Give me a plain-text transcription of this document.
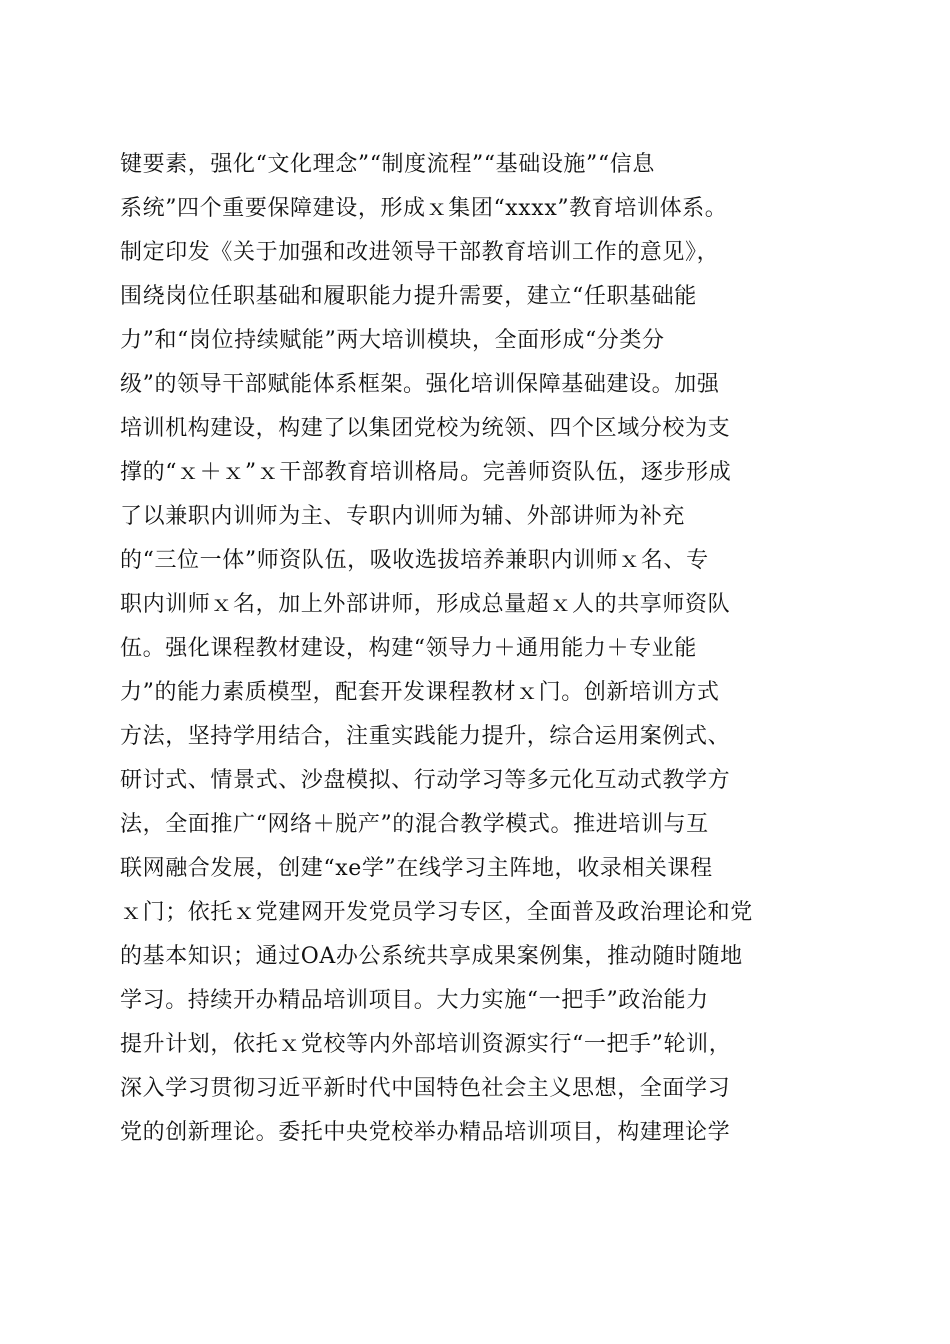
键要素，强化“文化理念”“制度流程”“基础设施”“信息
系统”四个重要保障建设，形成ｘ集团“xxxx”教育培训体系。
制定印发《关于加强和改进领导干部教育培训工作的意见》，
围绕岗位任职基础和履职能力提升需要，建立“任职基础能
力”和“岗位持续赋能”两大培训模块，全面形成“分类分
级”的领导干部赋能体系框架。强化培训保障基础建设。加强
培训机构建设，构建了以集团党校为统领、四个区域分校为支
撑的“ｘ＋ｘ”ｘ干部教育培训格局。完善师资队伍，逐步形成
了以兼职内训师为主、专职内训师为辅、外部讲师为补充
的“三位一体”师资队伍，吸收选拔培养兼职内训师ｘ名、专
职内训师ｘ名，加上外部讲师，形成总量超ｘ人的共享师资队
伍。强化课程教材建设，构建“领导力＋通用能力＋专业能
力”的能力素质模型，配套开发课程教材ｘ门。创新培训方式
方法，坚持学用结合，注重实践能力提升，综合运用案例式、
研讨式、情景式、沙盘模拟、行动学习等多元化互动式教学方
法，全面推广“网络＋脱产”的混合教学模式。推进培训与互
联网融合发展，创建“xe学”在线学习主阵地，收录相关课程
ｘ门；依托ｘ党建网开发党员学习专区，全面普及政治理论和党
的基本知识；通过OA办公系统共享成果案例集，推动随时随地
学习。持续开办精品培训项目。大力实施“一把手”政治能力
提升计划，依托ｘ党校等内外部培训资源实行“一把手”轮训，
深入学习贯彻习近平新时代中国特色社会主义思想，全面学习
党的创新理论。委托中央党校举办精品培训项目，构建理论学
